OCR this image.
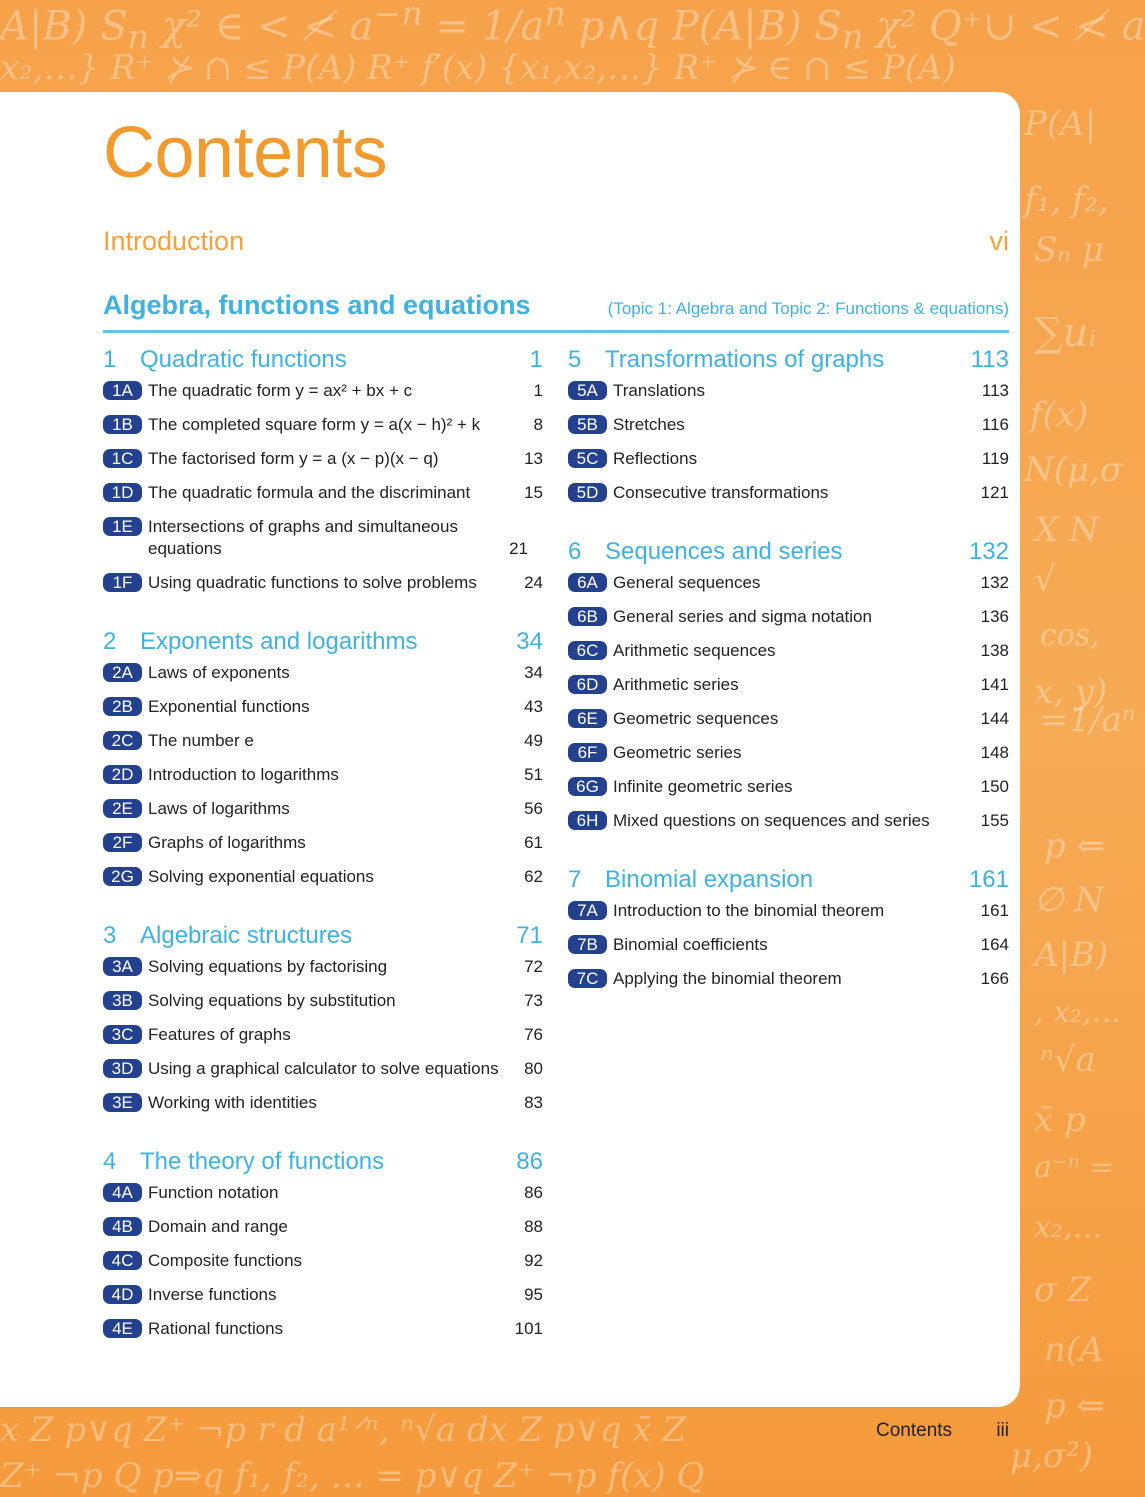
A|B) $S_n$ χ² ∈ < ≮ $a^{-n} = 1/a^n$ p∧q P(A|B) $S_n$ χ² Q⁺∪ < ≮ a
x₂,…} R⁺ ⊁ ∩ ≤ P(A) R⁺ f′(x) {x₁,x₂,…} R⁺ ⊁ ∈ ∩ ≤ P(A)
P(A|
f₁, f₂,
Sₙ μ
∑uᵢ
f(x)
N(μ,σ
X N
√
cos,
x, y)
=1/aⁿ
p ⇐
∅ N
A|B)
, x₂,…
ⁿ√a
x̄ p
a⁻ⁿ =
x₂,…
σ Z
n(A
p ⇐
μ,σ²)
x Z p∨q Z⁺ ¬p r d a¹ᐟⁿ, ⁿ√a dx Z p∨q x̄ Z
Z⁺ ¬p Q p⇒q f₁, f₂, … = p∨q Z⁺ ¬p f(x) Q
Contents
Introduction	vi
Algebra, functions and equations	(Topic 1: Algebra and Topic 2: Functions & equations)
1 Quadratic functions	1
1A The quadratic form y = ax² + bx + c	1
1B The completed square form y = a(x − h)² + k	8
1C The factorised form y = a (x − p)(x − q)	13
1D The quadratic formula and the discriminant	15
1E Intersections of graphs and simultaneous equations	21
1F Using quadratic functions to solve problems	24
2 Exponents and logarithms	34
2A Laws of exponents	34
2B Exponential functions	43
2C The number e	49
2D Introduction to logarithms	51
2E Laws of logarithms	56
2F Graphs of logarithms	61
2G Solving exponential equations	62
3 Algebraic structures	71
3A Solving equations by factorising	72
3B Solving equations by substitution	73
3C Features of graphs	76
3D Using a graphical calculator to solve equations	80
3E Working with identities	83
4 The theory of functions	86
4A Function notation	86
4B Domain and range	88
4C Composite functions	92
4D Inverse functions	95
4E Rational functions	101
5 Transformations of graphs	113
5A Translations	113
5B Stretches	116
5C Reflections	119
5D Consecutive transformations	121
6 Sequences and series	132
6A General sequences	132
6B General series and sigma notation	136
6C Arithmetic sequences	138
6D Arithmetic series	141
6E Geometric sequences	144
6F Geometric series	148
6G Infinite geometric series	150
6H Mixed questions on sequences and series	155
7 Binomial expansion	161
7A Introduction to the binomial theorem	161
7B Binomial coefficients	164
7C Applying the binomial theorem	166
Contents iii
